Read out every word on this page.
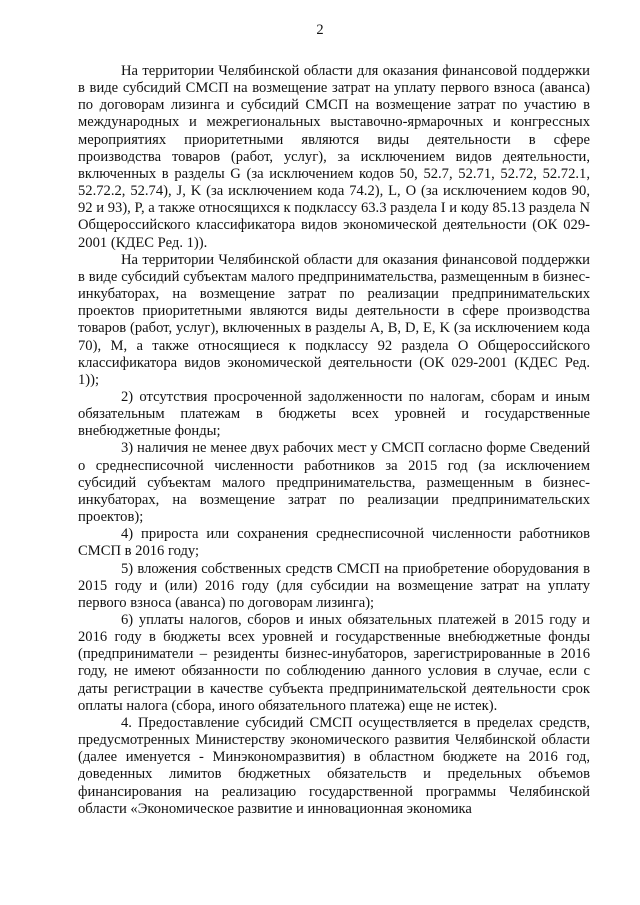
2

На территории Челябинской области для оказания финансовой поддержки в виде субсидий СМСП на возмещение затрат на уплату первого взноса (аванса) по договорам лизинга и субсидий СМСП на возмещение затрат по участию в международных и межрегиональных выставочно-ярмарочных и конгрессных мероприятиях приоритетными являются виды деятельности в сфере производства товаров (работ, услуг), за исключением видов деятельности, включенных в разделы G (за исключением кодов 50, 52.7, 52.71, 52.72, 52.72.1, 52.72.2, 52.74), J, K (за исключением кода 74.2), L, O (за исключением кодов 90, 92 и 93), P, а также относящихся к подклассу 63.3 раздела I и коду 85.13 раздела N Общероссийского классификатора видов экономической деятельности (ОК 029-2001 (КДЕС Ред. 1)).

На территории Челябинской области для оказания финансовой поддержки в виде субсидий субъектам малого предпринимательства, размещенным в бизнес-инкубаторах, на возмещение затрат по реализации предпринимательских проектов приоритетными являются виды деятельности в сфере производства товаров (работ, услуг), включенных в разделы A, B, D, E, K (за исключением кода 70), M, а также относящиеся к подклассу 92 раздела O Общероссийского классификатора видов экономической деятельности (ОК 029-2001 (КДЕС Ред. 1));

2) отсутствия просроченной задолженности по налогам, сборам и иным обязательным платежам в бюджеты всех уровней и государственные внебюджетные фонды;

3) наличия не менее двух рабочих мест у СМСП согласно форме Сведений о среднесписочной численности работников за 2015 год (за исключением субсидий субъектам малого предпринимательства, размещенным в бизнес-инкубаторах, на возмещение затрат по реализации предпринимательских проектов);

4) прироста или сохранения среднесписочной численности работников СМСП в 2016 году;

5) вложения собственных средств СМСП на приобретение оборудования в 2015 году и (или) 2016 году (для субсидии на возмещение затрат на уплату первого взноса (аванса) по договорам лизинга);

6) уплаты налогов, сборов и иных обязательных платежей в 2015 году и 2016 году в бюджеты всех уровней и государственные внебюджетные фонды (предприниматели – резиденты бизнес-инубаторов, зарегистрированные в 2016 году, не имеют обязанности по соблюдению данного условия в случае, если с даты регистрации в качестве субъекта предпринимательской деятельности срок оплаты налога (сбора, иного обязательного платежа) еще не истек).

4. Предоставление субсидий СМСП осуществляется в пределах средств, предусмотренных Министерству экономического развития Челябинской области (далее именуется - Минэкономразвития) в областном бюджете на 2016 год, доведенных лимитов бюджетных обязательств и предельных объемов финансирования на реализацию государственной программы Челябинской области «Экономическое развитие и инновационная экономика
